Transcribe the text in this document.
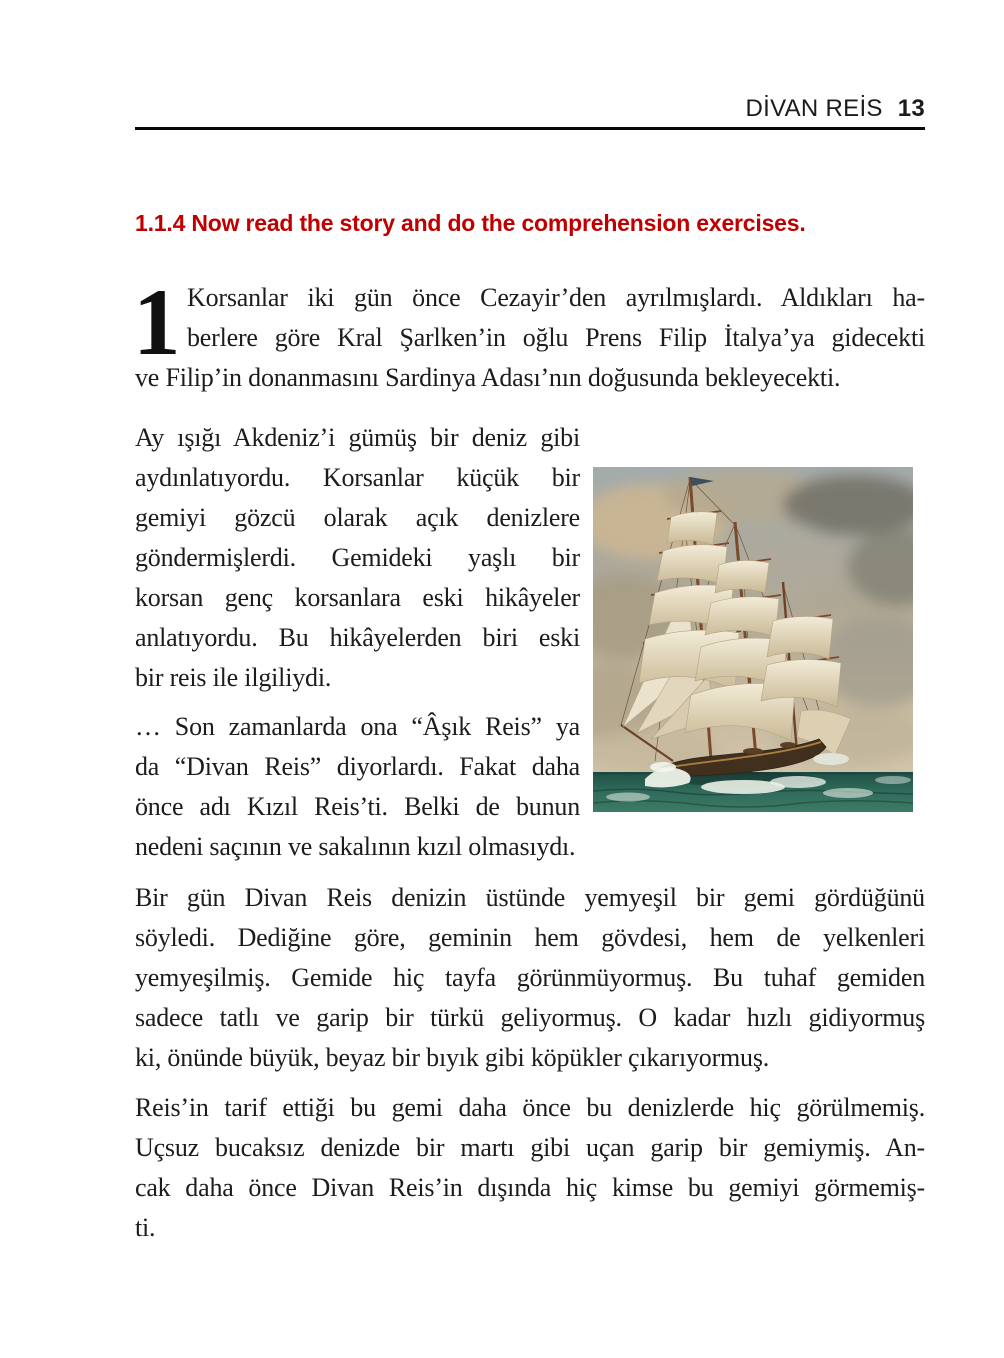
DİVAN REİS 13
1.1.4 Now read the story and do the comprehension exercises.
1 Korsanlar iki gün önce Cezayir’den ayrılmışlardı. Aldıkları ha-
berlere göre Kral Şarlken’in oğlu Prens Filip İtalya’ya gidecekti
ve Filip’in donanmasını Sardinya Adası’nın doğusunda bekleyecekti.
Ay ışığı Akdeniz’i gümüş bir deniz gibi
aydınlatıyordu. Korsanlar küçük bir
gemiyi gözcü olarak açık denizlere
göndermişlerdi. Gemideki yaşlı bir
korsan genç korsanlara eski hikâyeler
anlatıyordu. Bu hikâyelerden biri eski
bir reis ile ilgiliydi.
… Son zamanlarda ona “Âşık Reis” ya
da “Divan Reis” diyorlardı. Fakat daha
önce adı Kızıl Reis’ti. Belki de bunun
nedeni saçının ve sakalının kızıl olmasıydı.
Bir gün Divan Reis denizin üstünde yemyeşil bir gemi gördüğünü
söyledi. Dediğine göre, geminin hem gövdesi, hem de yelkenleri
yemyeşilmiş. Gemide hiç tayfa görünmüyormuş. Bu tuhaf gemiden
sadece tatlı ve garip bir türkü geliyormuş. O kadar hızlı gidiyormuş
ki, önünde büyük, beyaz bir bıyık gibi köpükler çıkarıyormuş.
Reis’in tarif ettiği bu gemi daha önce bu denizlerde hiç görülmemiş.
Uçsuz bucaksız denizde bir martı gibi uçan garip bir gemiymiş. An-
cak daha önce Divan Reis’in dışında hiç kimse bu gemiyi görmemiş-
ti.
